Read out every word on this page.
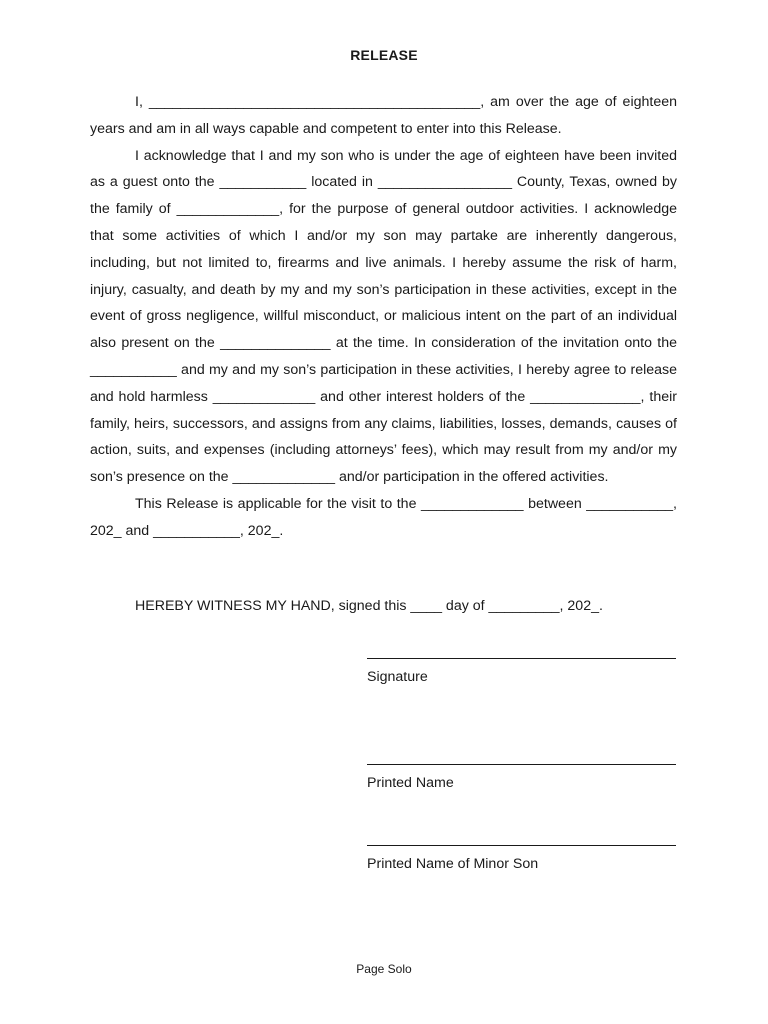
RELEASE

I, __________________________________________, am over the age of eighteen years and am in all ways capable and competent to enter into this Release.

I acknowledge that I and my son who is under the age of eighteen have been invited as a guest onto the ___________ located in _________________ County, Texas, owned by the family of _____________, for the purpose of general outdoor activities. I acknowledge that some activities of which I and/or my son may partake are inherently dangerous, including, but not limited to, firearms and live animals. I hereby assume the risk of harm, injury, casualty, and death by my and my son’s participation in these activities, except in the event of gross negligence, willful misconduct, or malicious intent on the part of an individual also present on the ______________ at the time. In consideration of the invitation onto the ___________ and my and my son’s participation in these activities, I hereby agree to release and hold harmless _____________ and other interest holders of the ______________, their family, heirs, successors, and assigns from any claims, liabilities, losses, demands, causes of action, suits, and expenses (including attorneys’ fees), which may result from my and/or my son’s presence on the _____________ and/or participation in the offered activities.

This Release is applicable for the visit to the _____________ between ___________, 202_ and ___________, 202_.

HEREBY WITNESS MY HAND, signed this ____ day of _________, 202_.
Signature
Printed Name
Printed Name of Minor Son
Page Solo
